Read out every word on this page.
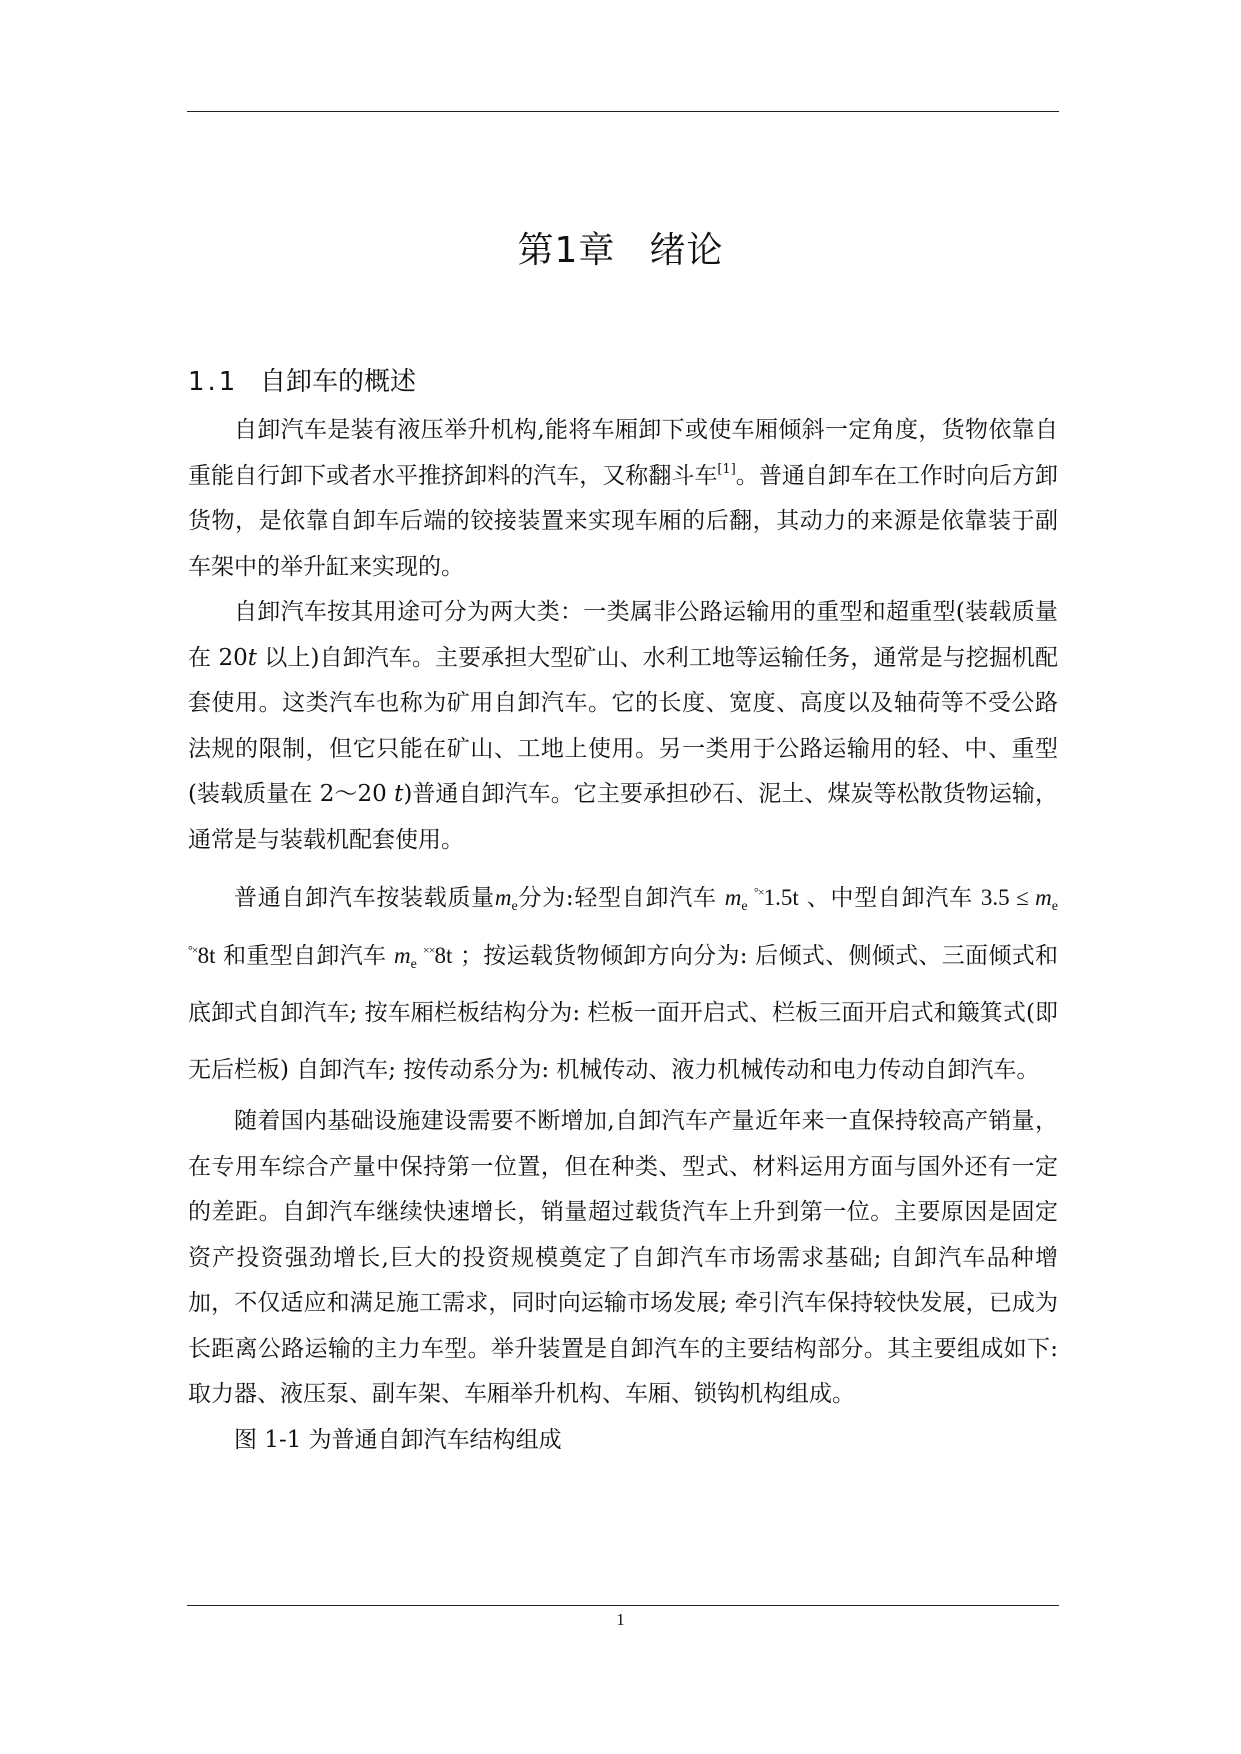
第1章 绪论
1.1 自卸车的概述

自卸汽车是装有液压举升机构,能将车厢卸下或使车厢倾斜一定角度，货物依靠自重能自行卸下或者水平推挤卸料的汽车，又称翻斗车[1]。普通自卸车在工作时向后方卸货物，是依靠自卸车后端的铰接装置来实现车厢的后翻，其动力的来源是依靠装于副车架中的举升缸来实现的。

自卸汽车按其用途可分为两大类：一类属非公路运输用的重型和超重型(装载质量在 20t 以上)自卸汽车。主要承担大型矿山、水利工地等运输任务，通常是与挖掘机配套使用。这类汽车也称为矿用自卸汽车。它的长度、宽度、高度以及轴荷等不受公路法规的限制，但它只能在矿山、工地上使用。另一类用于公路运输用的轻、中、重型(装载质量在 2～20 t)普通自卸汽车。它主要承担砂石、泥土、煤炭等松散货物运输，通常是与装载机配套使用。

普通自卸汽车按装载质量$m_e$分为:轻型自卸汽车 $m_e$ °×1.5t 、中型自卸汽车 $3.5 \le m_e$ °×8t 和重型自卸汽车 $m_e$ ××8t ；按运载货物倾卸方向分为: 后倾式、侧倾式、三面倾式和底卸式自卸汽车; 按车厢栏板结构分为: 栏板一面开启式、栏板三面开启式和簸箕式(即无后栏板) 自卸汽车; 按传动系分为: 机械传动、液力机械传动和电力传动自卸汽车。

随着国内基础设施建设需要不断增加,自卸汽车产量近年来一直保持较高产销量，在专用车综合产量中保持第一位置，但在种类、型式、材料运用方面与国外还有一定的差距。自卸汽车继续快速增长，销量超过载货汽车上升到第一位。主要原因是固定资产投资强劲增长,巨大的投资规模奠定了自卸汽车市场需求基础; 自卸汽车品种增加，不仅适应和满足施工需求，同时向运输市场发展; 牵引汽车保持较快发展，已成为长距离公路运输的主力车型。举升装置是自卸汽车的主要结构部分。其主要组成如下: 取力器、液压泵、副车架、车厢举升机构、车厢、锁钩机构组成。

图 1-1 为普通自卸汽车结构组成

1
